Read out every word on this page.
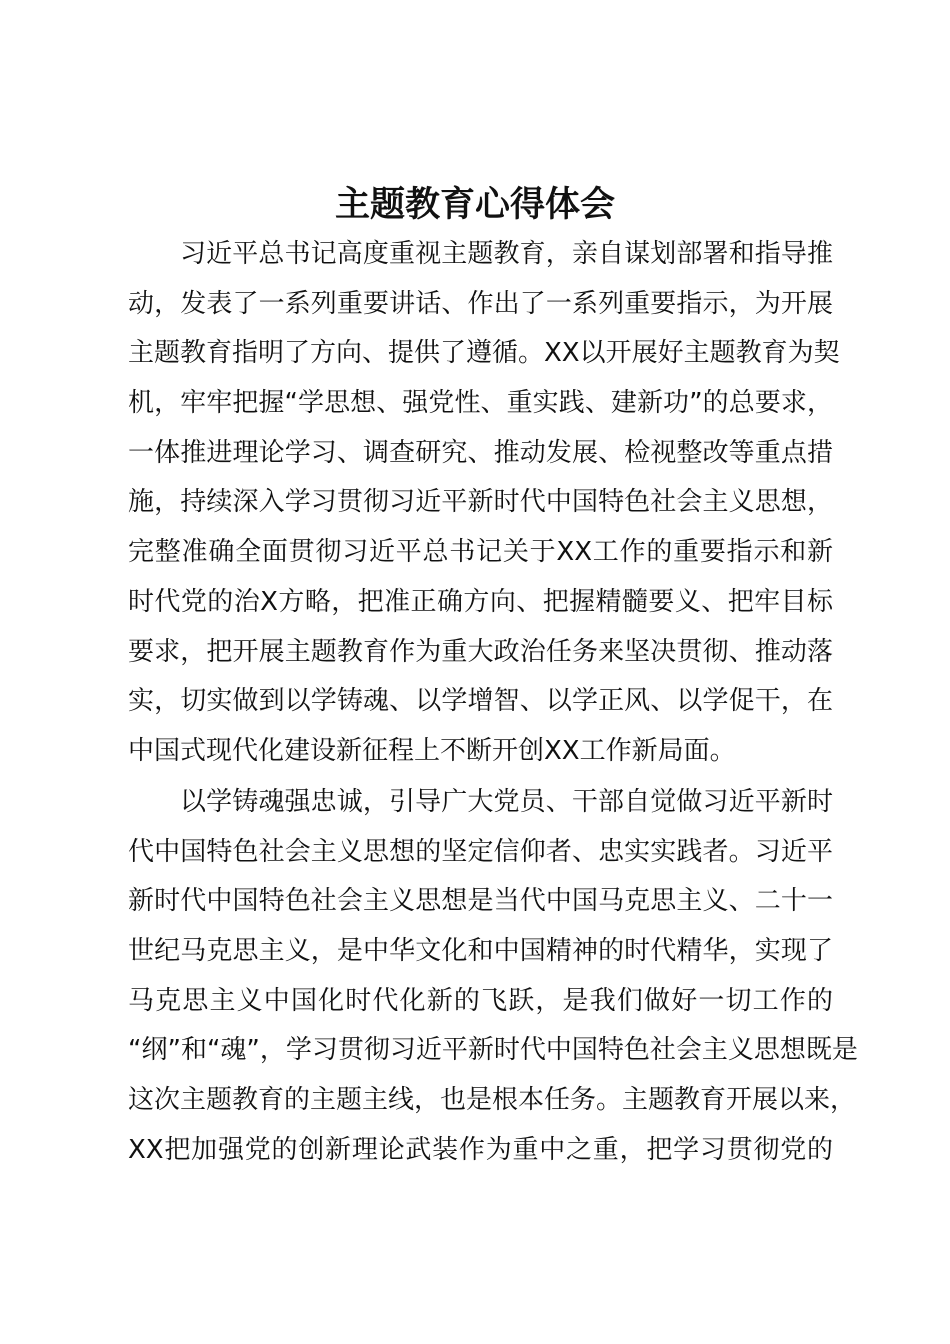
主题教育心得体会

习近平总书记高度重视主题教育，亲自谋划部署和指导推
动，发表了一系列重要讲话、作出了一系列重要指示，为开展
主题教育指明了方向、提供了遵循。XX以开展好主题教育为契
机，牢牢把握“学思想、强党性、重实践、建新功”的总要求，
一体推进理论学习、调查研究、推动发展、检视整改等重点措
施，持续深入学习贯彻习近平新时代中国特色社会主义思想，
完整准确全面贯彻习近平总书记关于XX工作的重要指示和新
时代党的治X方略，把准正确方向、把握精髓要义、把牢目标
要求，把开展主题教育作为重大政治任务来坚决贯彻、推动落
实，切实做到以学铸魂、以学增智、以学正风、以学促干，在
中国式现代化建设新征程上不断开创XX工作新局面。

以学铸魂强忠诚，引导广大党员、干部自觉做习近平新时
代中国特色社会主义思想的坚定信仰者、忠实实践者。习近平
新时代中国特色社会主义思想是当代中国马克思主义、二十一
世纪马克思主义，是中华文化和中国精神的时代精华，实现了
马克思主义中国化时代化新的飞跃，是我们做好一切工作的
“纲”和“魂”，学习贯彻习近平新时代中国特色社会主义思想既是
这次主题教育的主题主线，也是根本任务。主题教育开展以来，
XX把加强党的创新理论武装作为重中之重，把学习贯彻党的
